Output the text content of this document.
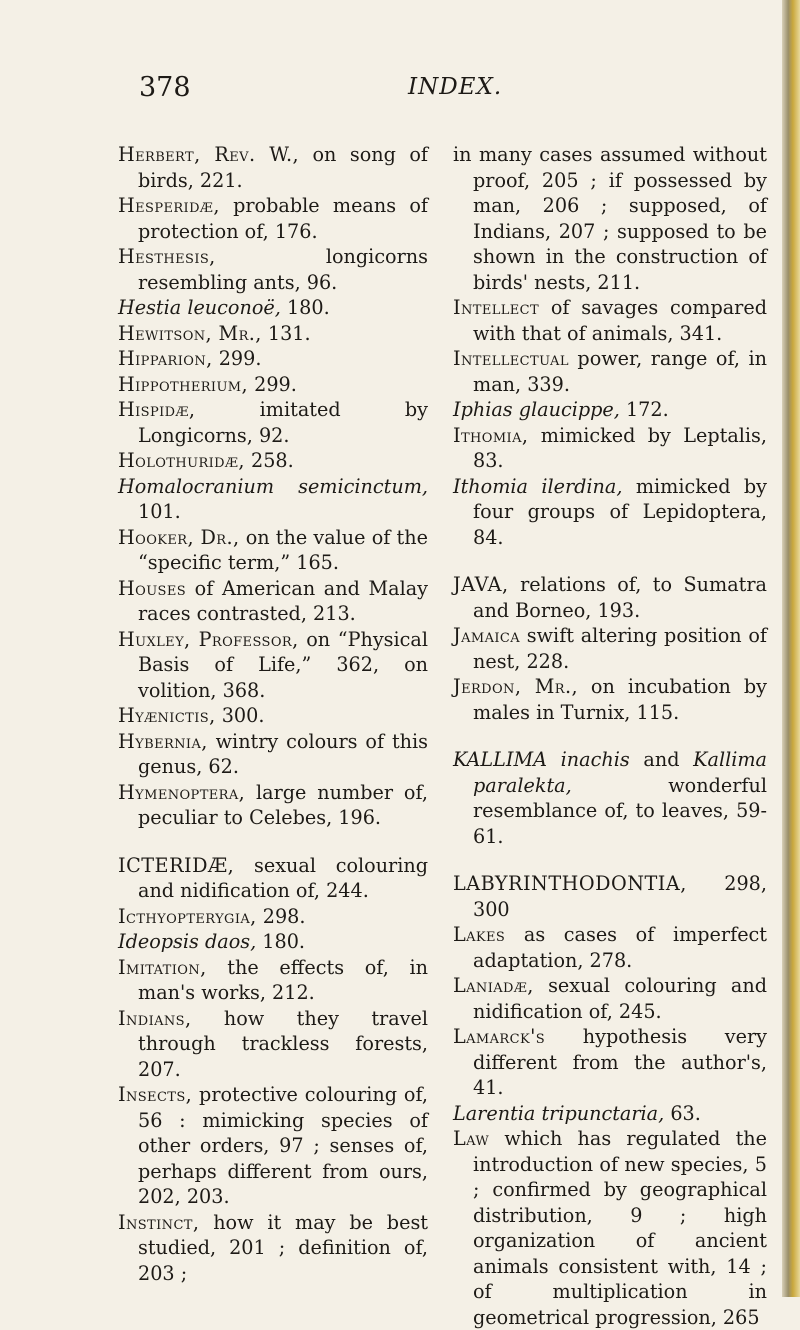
378	INDEX.
Herbert, Rev. W., on song of birds, 221.
Hesperidæ, probable means of protection of, 176.
Hesthesis, longicorns resembling ants, 96.
Hestia leuconoë, 180.
Hewitson, Mr., 131.
Hipparion, 299.
Hippotherium, 299.
Hispidæ, imitated by Longicorns, 92.
Holothuridæ, 258.
Homalocranium semicinctum, 101.
Hooker, Dr., on the value of the “specific term,” 165.
Houses of American and Malay races contrasted, 213.
Huxley, Professor, on “Physical Basis of Life,” 362, on volition, 368.
Hyænictis, 300.
Hybernia, wintry colours of this genus, 62.
Hymenoptera, large number of, peculiar to Celebes, 196.
ICTERIDÆ, sexual colouring and nidification of, 244.
Icthyopterygia, 298.
Ideopsis daos, 180.
Imitation, the effects of, in man's works, 212.
Indians, how they travel through trackless forests, 207.
Insects, protective colouring of, 56 : mimicking species of other orders, 97 ; senses of, perhaps different from ours, 202, 203.
Instinct, how it may be best studied, 201 ; definition of, 203 ;
in many cases assumed without proof, 205 ; if possessed by man, 206 ; supposed, of Indians, 207 ; supposed to be shown in the construction of birds' nests, 211.
Intellect of savages compared with that of animals, 341.
Intellectual power, range of, in man, 339.
Iphias glaucippe, 172.
Ithomia, mimicked by Leptalis, 83.
Ithomia ilerdina, mimicked by four groups of Lepidoptera, 84.
JAVA, relations of, to Sumatra and Borneo, 193.
Jamaica swift altering position of nest, 228.
Jerdon, Mr., on incubation by males in Turnix, 115.
KALLIMA inachis and Kallima paralekta, wonderful resemblance of, to leaves, 59-61.
LABYRINTHODONTIA, 298, 300
Lakes as cases of imperfect adaptation, 278.
Laniadæ, sexual colouring and nidification of, 245.
Lamarck's hypothesis very different from the author's, 41.
Larentia tripunctaria, 63.
Law which has regulated the introduction of new species, 5 ; confirmed by geographical distribution, 9 ; high organization of ancient animals consistent with, 14 ; of multiplication in geometrical progression, 265
